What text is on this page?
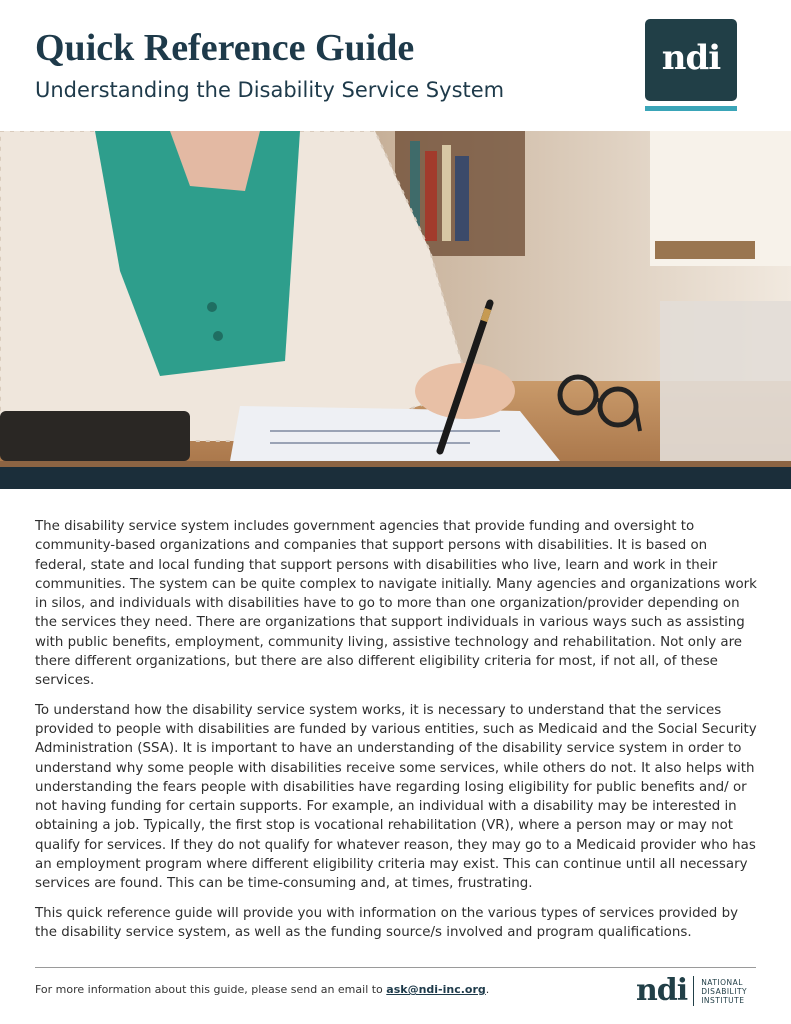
Quick Reference Guide
Understanding the Disability Service System
ndi

The disability service system includes government agencies that provide funding and oversight to community-based organizations and companies that support persons with disabilities. It is based on federal, state and local funding that support persons with disabilities who live, learn and work in their communities. The system can be quite complex to navigate initially. Many agencies and organizations work in silos, and individuals with disabilities have to go to more than one organization/provider depending on the services they need. There are organizations that support individuals in various ways such as assisting with public benefits, employment, community living, assistive technology and rehabilitation. Not only are there different organizations, but there are also different eligibility criteria for most, if not all, of these services.

To understand how the disability service system works, it is necessary to understand that the services provided to people with disabilities are funded by various entities, such as Medicaid and the Social Security Administration (SSA). It is important to have an understanding of the disability service system in order to understand why some people with disabilities receive some services, while others do not. It also helps with understanding the fears people with disabilities have regarding losing eligibility for public benefits and/ or not having funding for certain supports. For example, an individual with a disability may be interested in obtaining a job. Typically, the first stop is vocational rehabilitation (VR), where a person may or may not qualify for services. If they do not qualify for whatever reason, they may go to a Medicaid provider who has an employment program where different eligibility criteria may exist. This can continue until all necessary services are found. This can be time-consuming and, at times, frustrating.

This quick reference guide will provide you with information on the various types of services provided by the disability service system, as well as the funding source/s involved and program qualifications.

For more information about this guide, please send an email to ask@ndi-inc.org.	ndi NATIONAL
DISABILITY
INSTITUTE
